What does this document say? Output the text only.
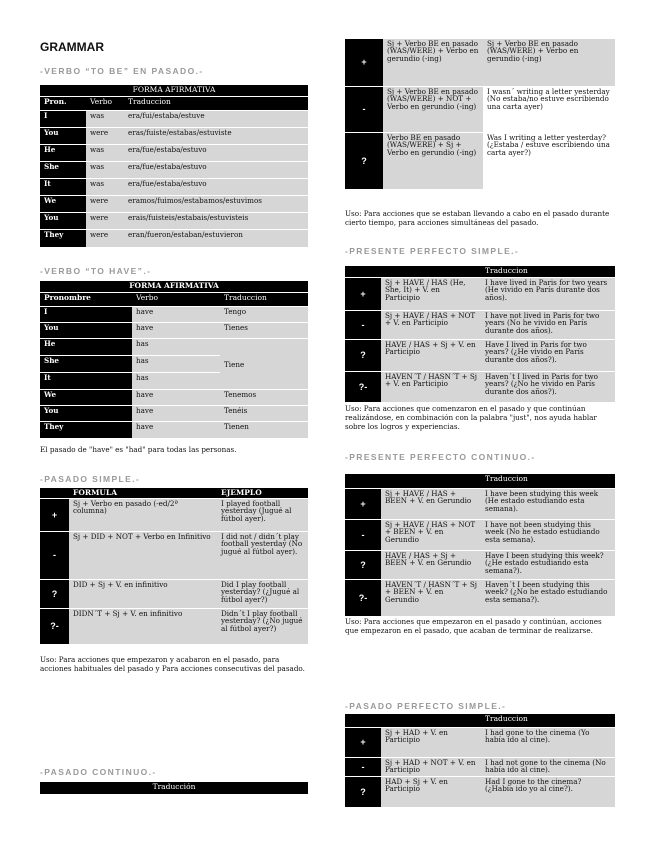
GRAMMAR
-VERBO “TO BE” EN PASADO.-
FORMA AFIRMATIVA		
Pron.	Verbo	Traduccion
I	was	era/fui/estaba/estuve
You	were	eras/fuiste/estabas/estuviste
He	was	era/fue/estaba/estuvo
She	was	era/fue/estaba/estuvo
It	was	era/fue/estaba/estuvo
We	were	eramos/fuimos/estabamos/estuvimos
You	were	erais/fuisteis/estabais/estuvisteis
They	were	eran/fueron/estaban/estuvieron
-VERBO “TO HAVE”.-
FORMA AFIRMATIVA		
Pronombre	Verbo	Traduccion
I	have	Tengo
You	have	Tienes
He	has	Tiene
She	has	
It	has	
We	have	Tenemos
You	have	Tenéis
They	have	Tienen
El pasado de "have" es "had" para todas las personas.
-PASADO SIMPLE.-
	FORMULA	EJEMPLO
+	Sj + Verbo en pasado (-ed/2ª columna)	I played football yesterday (Jugué al fútbol ayer).
-	Sj + DID + NOT + Verbo en Infinitivo	I did not / didn´t play football yesterday (No jugué al fútbol ayer).
?	DID + Sj + V. en infinitivo	Did I play football yesterday? (¿Jugué al fútbol ayer?)
?-	DIDN´T + Sj + V. en infinitivo	Didn´t I play football yesterday? (¿No jugué al fútbol ayer?)
Uso: Para acciones que empezaron y acabaron en el pasado, para acciones habituales del pasado y Para acciones consecutivas del pasado.
-PASADO CONTINUO.-
Traducción
+	Sj + Verbo BE en pasado (WAS/WERE) + Verbo en gerundio (-ing)	Sj + Verbo BE en pasado (WAS/WERE) + Verbo en gerundio (-ing)
-	Sj + Verbo BE en pasado (WAS/WERE) + NOT + Verbo en gerundio (-ing)	I wasn´ writing a letter yesterday (No estaba/no estuve escribiendo una carta ayer)
?	Verbo BE en pasado (WAS/WERE) + Sj + Verbo en gerundio (-ing)	Was I writing a letter yesterday? (¿Estaba / estuve escribiendo una carta ayer?)
Uso: Para acciones que se estaban llevando a cabo en el pasado durante cierto tiempo, para acciones simultáneas del pasado.
-PRESENTE PERFECTO SIMPLE.-
		Traduccion
+	Sj + HAVE / HAS (He, She, It) + V. en Participio	I have lived in Paris for two years (He vivido en París durante dos años).
-	Sj + HAVE / HAS + NOT + V. en Participio	I have not lived in Paris for two years (No he vivido en París durante dos años).
?	HAVE / HAS + Sj + V. en Participio	Have I lived in Paris for two years? (¿He vivido en París durante dos años?).
?-	HAVEN´T / HASN´T + Sj + V. en Participio	Haven´t I lived in Paris for two years? (¿No he vivido en París durante dos años?).
Uso: Para acciones que comenzaron en el pasado y que continúan realizándose, en combinación con la palabra "just", nos ayuda hablar sobre los logros y experiencias.
-PRESENTE PERFECTO CONTINUO.-
		Traduccion
+	Sj + HAVE / HAS + BEEN + V. en Gerundio	I have been studying this week (He estado estudiando esta semana).
-	Sj + HAVE / HAS + NOT + BEEN + V. en Gerundio	I have not been studying this week (No he estado estudiando esta semana).
?	HAVE / HAS + Sj + BEEN + V. en Gerundio	Have I been studying this week? (¿He estado estudiando esta semana?).
?-	HAVEN´T / HASN´T + Sj + BEEN + V. en Gerundio	Haven´t I been studying this week? (¿No he estado estudiando esta semana?).
Uso: Para acciones que empezaron en el pasado y continúan, acciones que empezaron en el pasado, que acaban de terminar de realizarse.
-PASADO PERFECTO SIMPLE.-
		Traduccion
+	Sj + HAD + V. en Participio	I had gone to the cinema (Yo había ido al cine).
-	Sj + HAD + NOT + V. en Participio	I had not gone to the cinema (No había ido al cine).
?	HAD + Sj + V. en Participio	Had I gone to the cinema? (¿Había ido yo al cine?).
